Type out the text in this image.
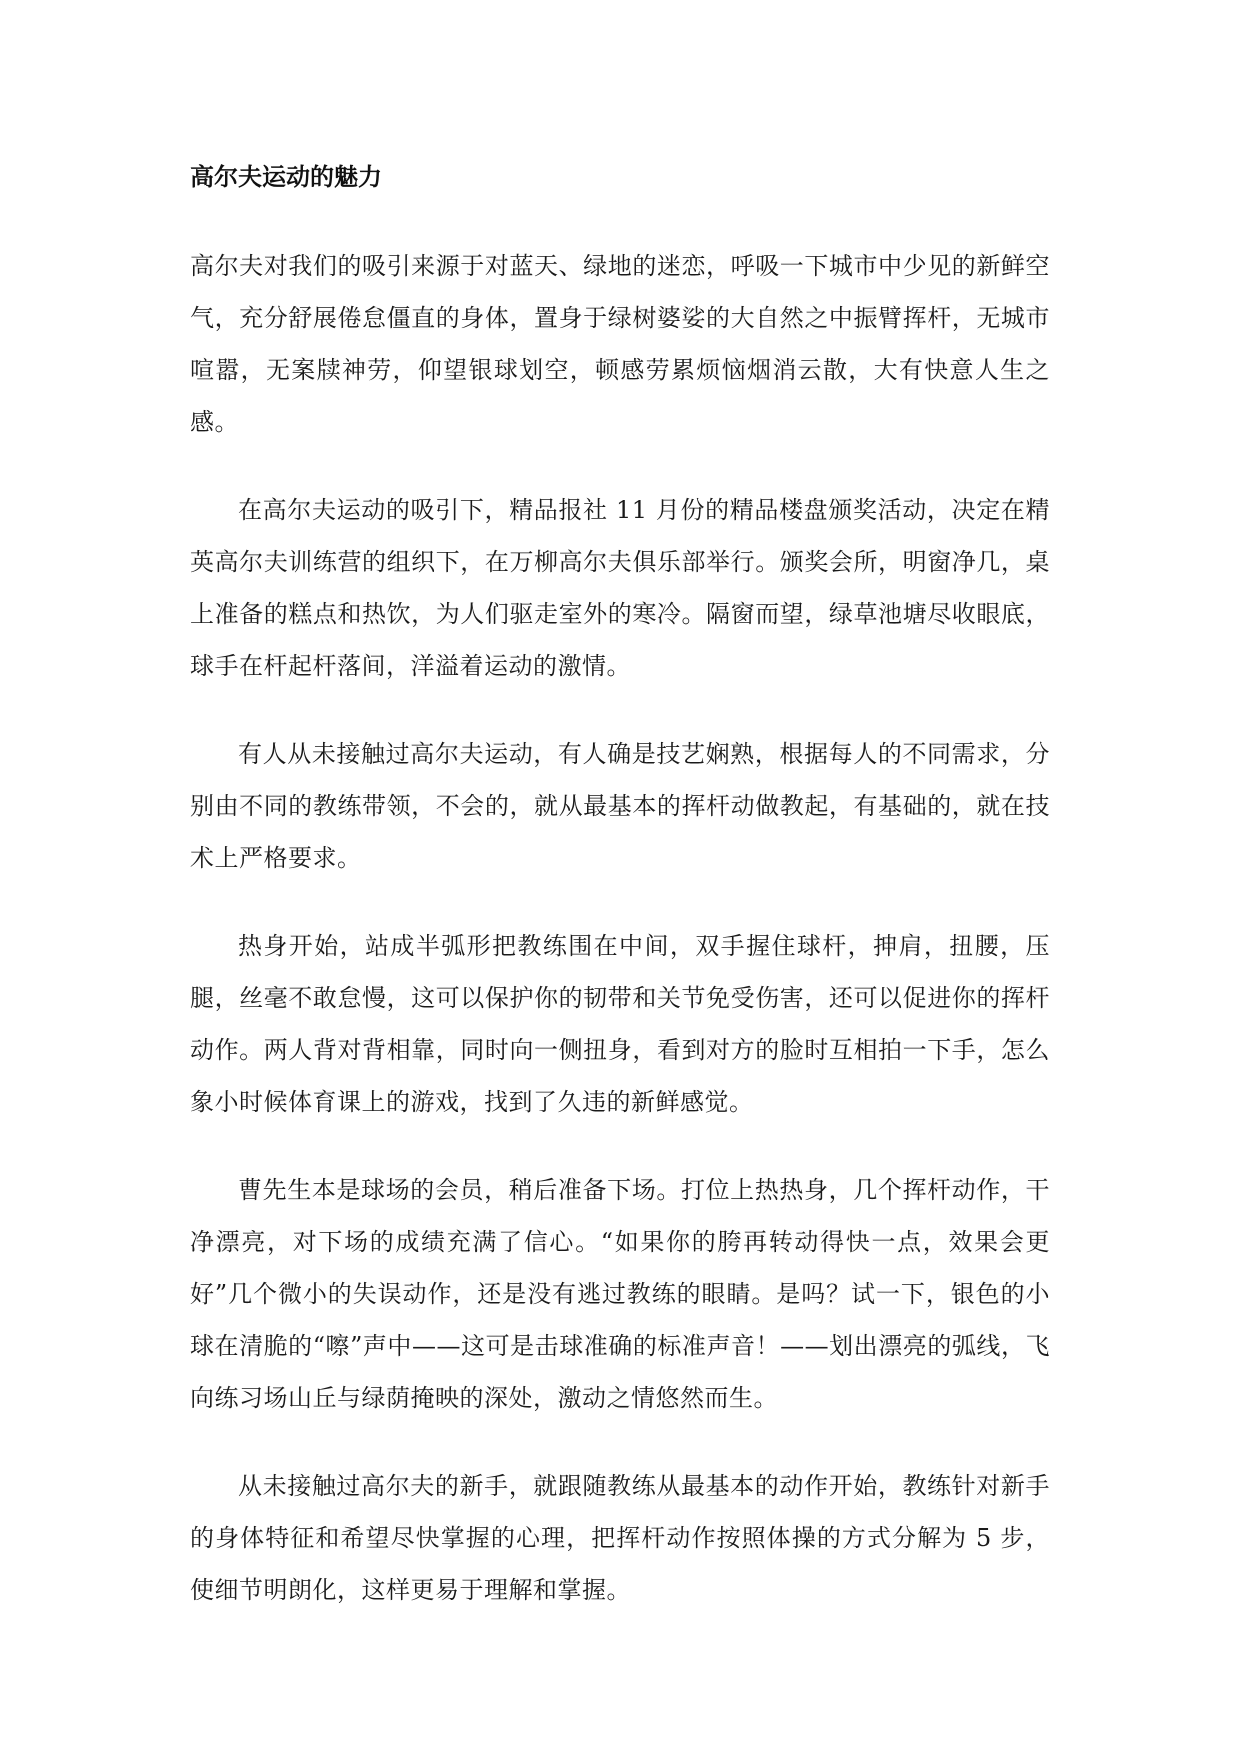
高尔夫运动的魅力

高尔夫对我们的吸引来源于对蓝天、绿地的迷恋，呼吸一下城市中少见的新鲜空气，充分舒展倦怠僵直的身体，置身于绿树婆娑的大自然之中振臂挥杆，无城市喧嚣，无案牍神劳，仰望银球划空，顿感劳累烦恼烟消云散，大有快意人生之感。

在高尔夫运动的吸引下，精品报社 11 月份的精品楼盘颁奖活动，决定在精英高尔夫训练营的组织下，在万柳高尔夫俱乐部举行。颁奖会所，明窗净几，桌上准备的糕点和热饮，为人们驱走室外的寒冷。隔窗而望，绿草池塘尽收眼底，球手在杆起杆落间，洋溢着运动的激情。

有人从未接触过高尔夫运动，有人确是技艺娴熟，根据每人的不同需求，分别由不同的教练带领，不会的，就从最基本的挥杆动做教起，有基础的，就在技术上严格要求。

热身开始，站成半弧形把教练围在中间，双手握住球杆，抻肩，扭腰，压腿，丝毫不敢怠慢，这可以保护你的韧带和关节免受伤害，还可以促进你的挥杆动作。两人背对背相靠，同时向一侧扭身，看到对方的脸时互相拍一下手，怎么象小时候体育课上的游戏，找到了久违的新鲜感觉。

曹先生本是球场的会员，稍后准备下场。打位上热热身，几个挥杆动作，干净漂亮，对下场的成绩充满了信心。“如果你的胯再转动得快一点，效果会更好”几个微小的失误动作，还是没有逃过教练的眼睛。是吗？试一下，银色的小球在清脆的“嚓”声中——这可是击球准确的标准声音！——划出漂亮的弧线，飞向练习场山丘与绿荫掩映的深处，激动之情悠然而生。

从未接触过高尔夫的新手，就跟随教练从最基本的动作开始，教练针对新手的身体特征和希望尽快掌握的心理，把挥杆动作按照体操的方式分解为 5 步，使细节明朗化，这样更易于理解和掌握。
